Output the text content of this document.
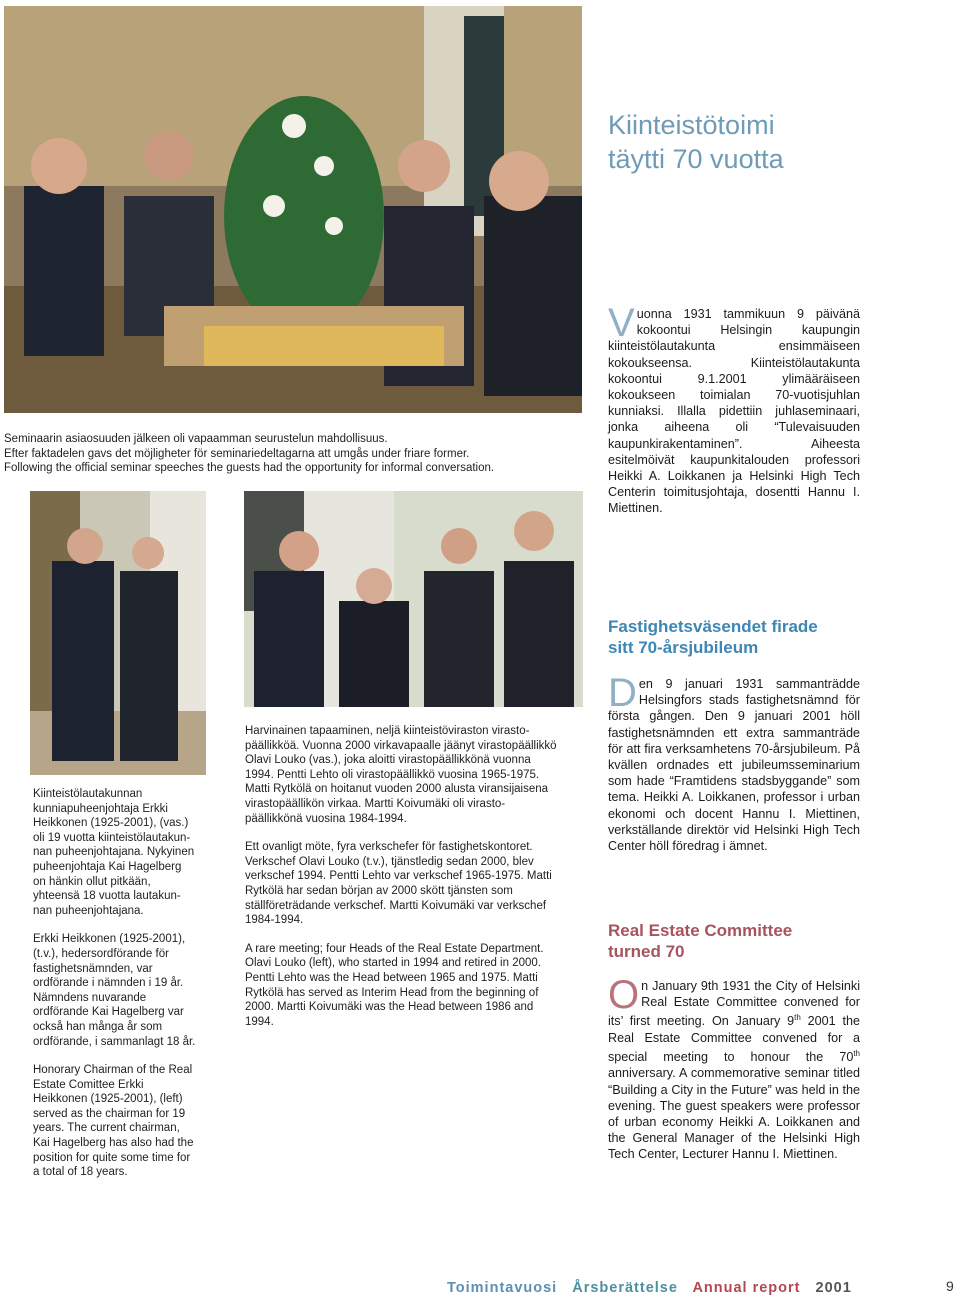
Seminaarin asiaosuuden jälkeen oli vapaamman seurustelun mahdollisuus.

Efter faktadelen gavs det möjligheter för seminariedeltagarna att umgås under friare former.

Following the official seminar speeches the guests had the opportunity for informal conversation.

Kiinteistötoimi
täytti 70 vuotta

Vuonna 1931 tammikuun 9 päivänä kokoontui Helsingin kaupungin kiinteistölautakunta ensimmäiseen kokoukseensa. Kiinteistölautakunta kokoontui 9.1.2001 ylimääräiseen kokoukseen toimialan 70-vuotisjuhlan kunniaksi. Illalla pidettiin juhlaseminaari, jonka aiheena oli “Tulevaisuuden kaupunkirakentaminen”. Aiheesta esitelmöivät kaupunkitalouden professori Heikki A. Loikkanen ja Helsinki High Tech Centerin toimitusjohtaja, dosentti Hannu I. Miettinen.

Fastighetsväsendet firade
sitt 70-årsjubileum

Den 9 januari 1931 sammanträdde Helsingfors stads fastighetsnämnd för första gången. Den 9 januari 2001 höll fastighetsnämnden ett extra sammanträde för att fira verksamhetens 70-årsjubileum. På kvällen ordnades ett jubileumsseminarium som hade “Framtidens stadsbyggande” som tema. Heikki A. Loikkanen, professor i urban ekonomi och docent Hannu I. Miettinen, verkställande direktör vid Helsinki High Tech Center höll föredrag i ämnet.

Real Estate Committee
turned 70

On January 9th 1931 the City of Helsinki Real Estate Committee convened for its’ first meeting. On January 9th 2001 the Real Estate Committee convened for a special meeting to honour the 70th anniversary. A commemorative seminar titled “Building a City in the Future” was held in the evening. The guest speakers were professor of urban economy Heikki A. Loikkanen and the General Manager of the Helsinki High Tech Center, Lecturer Hannu I. Miettinen.

Kiinteistölautakunnan
kunniapuheenjohtaja Erkki
Heikkonen (1925-2001), (vas.)
oli 19 vuotta kiinteistölautakun-
nan puheenjohtajana. Nykyinen
puheenjohtaja Kai Hagelberg
on hänkin ollut pitkään,
yhteensä 18 vuotta lautakun-
nan puheenjohtajana.

Erkki Heikkonen (1925-2001),
(t.v.), hedersordförande för
fastighetsnämnden, var
ordförande i nämnden i 19 år. Nämndens nuvarande
ordförande Kai Hagelberg var
också han många år som
ordförande, i sammanlagt 18 år.

Honorary Chairman of the Real
Estate Comittee Erkki
Heikkonen (1925-2001), (left)
served as the chairman for 19
years. The current chairman,
Kai Hagelberg has also had the
position for quite some time for
a total of 18 years.

Harvinainen tapaaminen, neljä kiinteistöviraston virasto-
päällikköä. Vuonna 2000 virkavapaalle jäänyt virastopäällikkö
Olavi Louko (vas.), joka aloitti virastopäällikkönä vuonna
1994. Pentti Lehto oli virastopäällikkö vuosina 1965-1975.
Matti Rytkölä on hoitanut vuoden 2000 alusta viransijaisena
virastopäällikön virkaa. Martti Koivumäki oli virasto-
päällikkönä vuosina 1984-1994.

Ett ovanligt möte, fyra verkschefer för fastighetskontoret.
Verkschef Olavi Louko (t.v.), tjänstledig sedan 2000, blev
verkschef 1994. Pentti Lehto var verkschef 1965-1975. Matti
Rytkölä har sedan början av 2000 skött tjänsten som
ställföreträdande verkschef. Martti Koivumäki var verkschef
1984-1994.

A rare meeting; four Heads of the Real Estate Department.
Olavi Louko (left), who started in 1994 and retired in 2000.
Pentti Lehto was the Head between 1965 and 1975. Matti
Rytkölä has served as Interim Head from the beginning of
2000. Martti Koivumäki was the Head between 1986 and
1994.

Toimintavuosi Årsberättelse Annual report 2001	9
